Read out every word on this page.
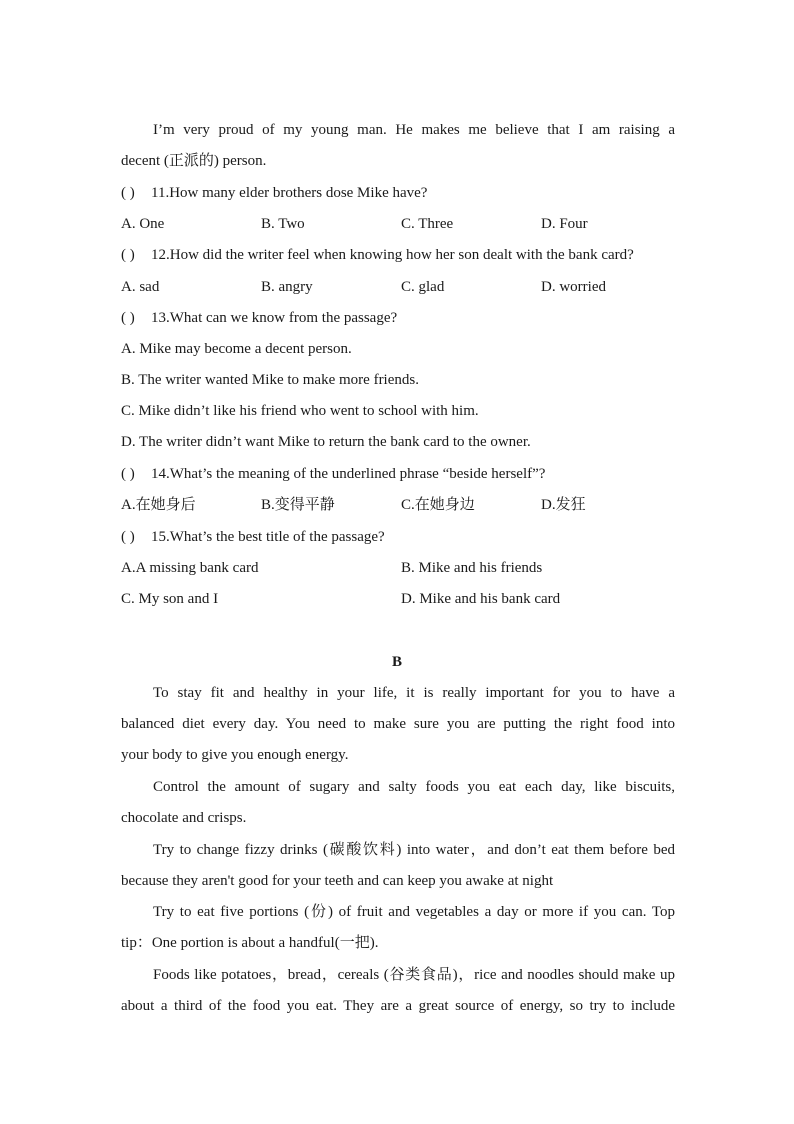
I’m very proud of my young man. He makes me believe that I am raising a
decent (正派的) person.
( ) 11.How many elder brothers dose Mike have?
A. One	B. Two	C. Three	D. Four
( ) 12.How did the writer feel when knowing how her son dealt with the bank card?
A. sad	B. angry	C. glad	D. worried
( ) 13.What can we know from the passage?
A. Mike may become a decent person.
B. The writer wanted Mike to make more friends.
C. Mike didn’t like his friend who went to school with him.
D. The writer didn’t want Mike to return the bank card to the owner.
( ) 14.What’s the meaning of the underlined phrase “beside herself”?
A.在她身后	B.变得平静	C.在她身边	D.发狂
( ) 15.What’s the best title of the passage?
A.A missing bank card	B. Mike and his friends
C. My son and I	D. Mike and his bank card
B
To stay fit and healthy in your life, it is really important for you to have a
balanced diet every day. You need to make sure you are putting the right food into
your body to give you enough energy.
Control the amount of sugary and salty foods you eat each day, like biscuits,
chocolate and crisps.
Try to change fizzy drinks (碳酸饮料) into water，and don’t eat them before bed
because they aren't good for your teeth and can keep you awake at night
Try to eat five portions (份) of fruit and vegetables a day or more if you can. Top
tip：One portion is about a handful(一把).
Foods like potatoes，bread，cereals (谷类食品)，rice and noodles should make up
about a third of the food you eat. They are a great source of energy, so try to include
